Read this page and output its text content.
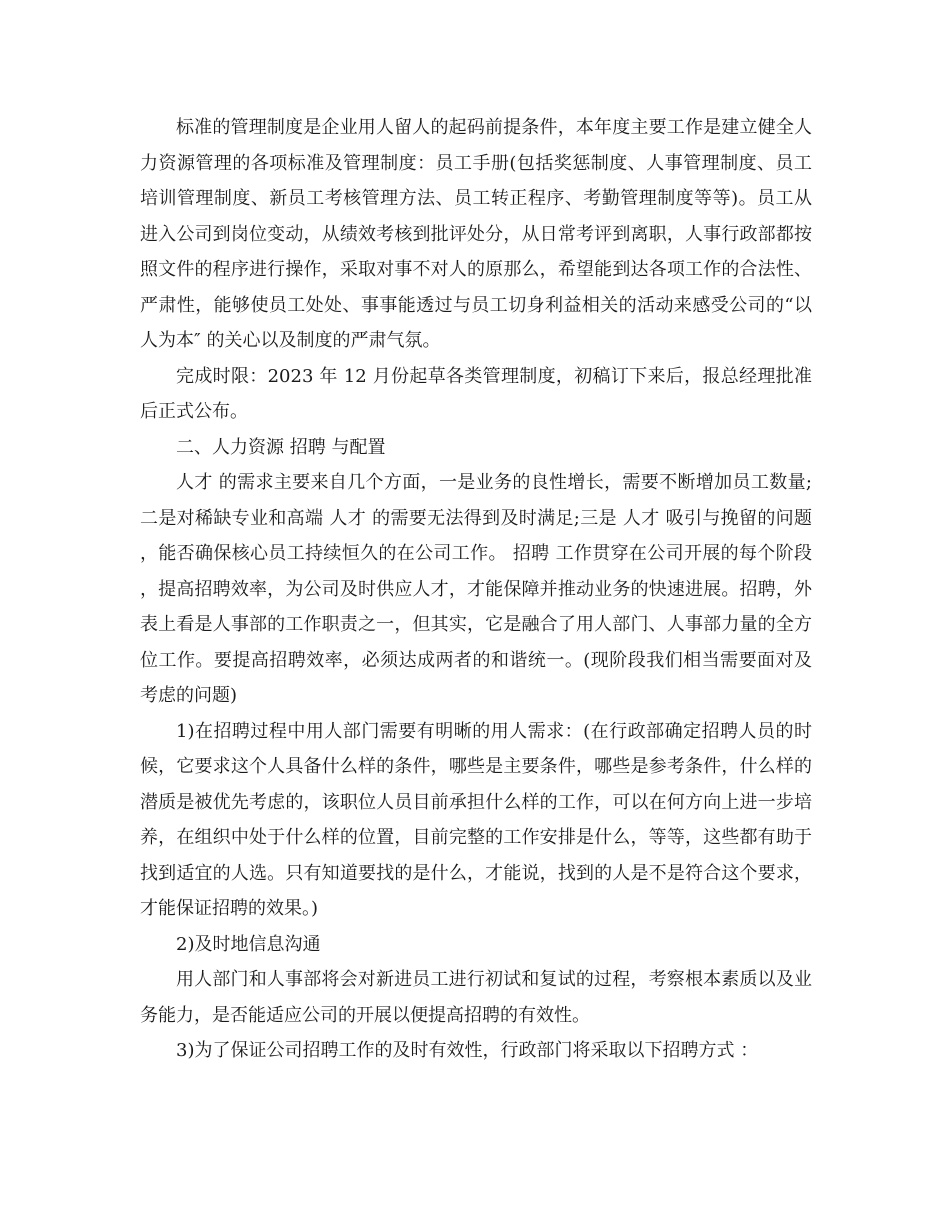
标准的管理制度是企业用人留人的起码前提条件，本年度主要工作是建立健全人力资源管理的各项标准及管理制度：员工手册(包括奖惩制度、人事管理制度、员工培训管理制度、新员工考核管理方法、员工转正程序、考勤管理制度等等)。员工从进入公司到岗位变动，从绩效考核到批评处分，从日常考评到离职，人事行政部都按照文件的程序进行操作，采取对事不对人的原那么，希望能到达各项工作的合法性、严肃性，能够使员工处处、事事能透过与员工切身利益相关的活动来感受公司的“以人为本″ 的关心以及制度的严肃气氛。

完成时限：2023 年 12 月份起草各类管理制度，初稿订下来后，报总经理批准后正式公布。

二、人力资源 招聘 与配置

人才 的需求主要来自几个方面，一是业务的良性增长，需要不断增加员工数量;二是对稀缺专业和高端 人才 的需要无法得到及时满足;三是 人才 吸引与挽留的问题，能否确保核心员工持续恒久的在公司工作。 招聘 工作贯穿在公司开展的每个阶段，提高招聘效率，为公司及时供应人才，才能保障并推动业务的快速进展。招聘，外表上看是人事部的工作职责之一，但其实，它是融合了用人部门、人事部力量的全方位工作。要提高招聘效率，必须达成两者的和谐统一。(现阶段我们相当需要面对及考虑的问题)

1)在招聘过程中用人部门需要有明晰的用人需求：(在行政部确定招聘人员的时候，它要求这个人具备什么样的条件，哪些是主要条件，哪些是参考条件，什么样的潜质是被优先考虑的，该职位人员目前承担什么样的工作，可以在何方向上进一步培养，在组织中处于什么样的位置，目前完整的工作安排是什么，等等，这些都有助于找到适宜的人选。只有知道要找的是什么，才能说，找到的人是不是符合这个要求，才能保证招聘的效果。)

2)及时地信息沟通

用人部门和人事部将会对新进员工进行初试和复试的过程，考察根本素质以及业务能力，是否能适应公司的开展以便提高招聘的有效性。

3)为了保证公司招聘工作的及时有效性，行政部门将采取以下招聘方式 ：
